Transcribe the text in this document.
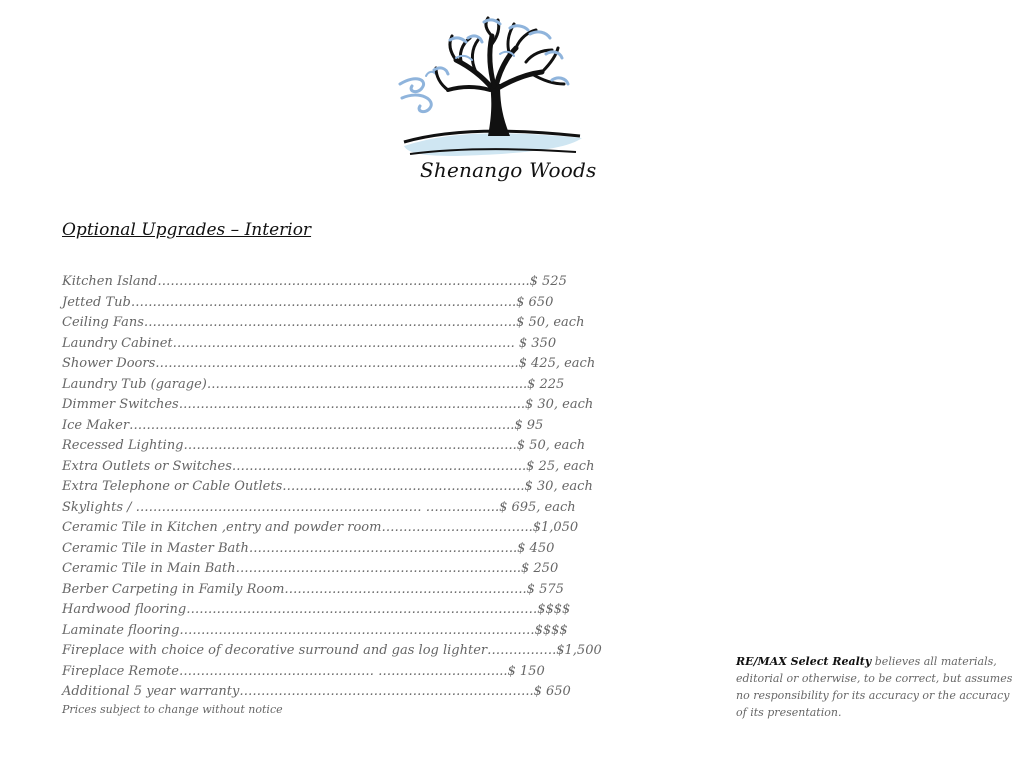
Shenango Woods
Optional Upgrades – Interior
Kitchen Island…………………………………………………………………………..$ 525
Jetted Tub……………………………………………………………………………..$ 650
Ceiling Fans…………………………………………………………………………..$ 50, each
Laundry Cabinet……………………………………………………………………. $ 350
Shower Doors………………………………………………………………………...$ 425, each
Laundry Tub (garage)………………………………………………………………..$ 225
Dimmer Switches……………………………………………………………………..$ 30, each
Ice Maker……………………………………………………………………………..$ 95
Recessed Lighting…………………………………………………………………..$ 50, each
Extra Outlets or Switches…………………………………………………………..$ 25, each
Extra Telephone or Cable Outlets………………………………………………..$ 30, each
Skylights / ………………………………………………………… ……………..$ 695, each
Ceramic Tile in Kitchen ,entry and powder room……………………………..$1,050
Ceramic Tile in Master Bath……………………………………………………..$ 450
Ceramic Tile in Main Bath………………………………………………………...$ 250
Berber Carpeting in Family Room………………………………………………..$ 575
Hardwood flooring………………………………………………………………………$$$$
Laminate flooring……………………………………………………………………….$$$$
Fireplace with choice of decorative surround and gas log lighter…………….$1,500
Fireplace Remote……………………………………… ………………………...$ 150
Additional 5 year warranty…………………………………………………………..$ 650
Prices subject to change without notice
RE/MAX Select Realty believes all materials, editorial or otherwise, to be correct, but assumes no responsibility for its accuracy or the accuracy of its presentation.
